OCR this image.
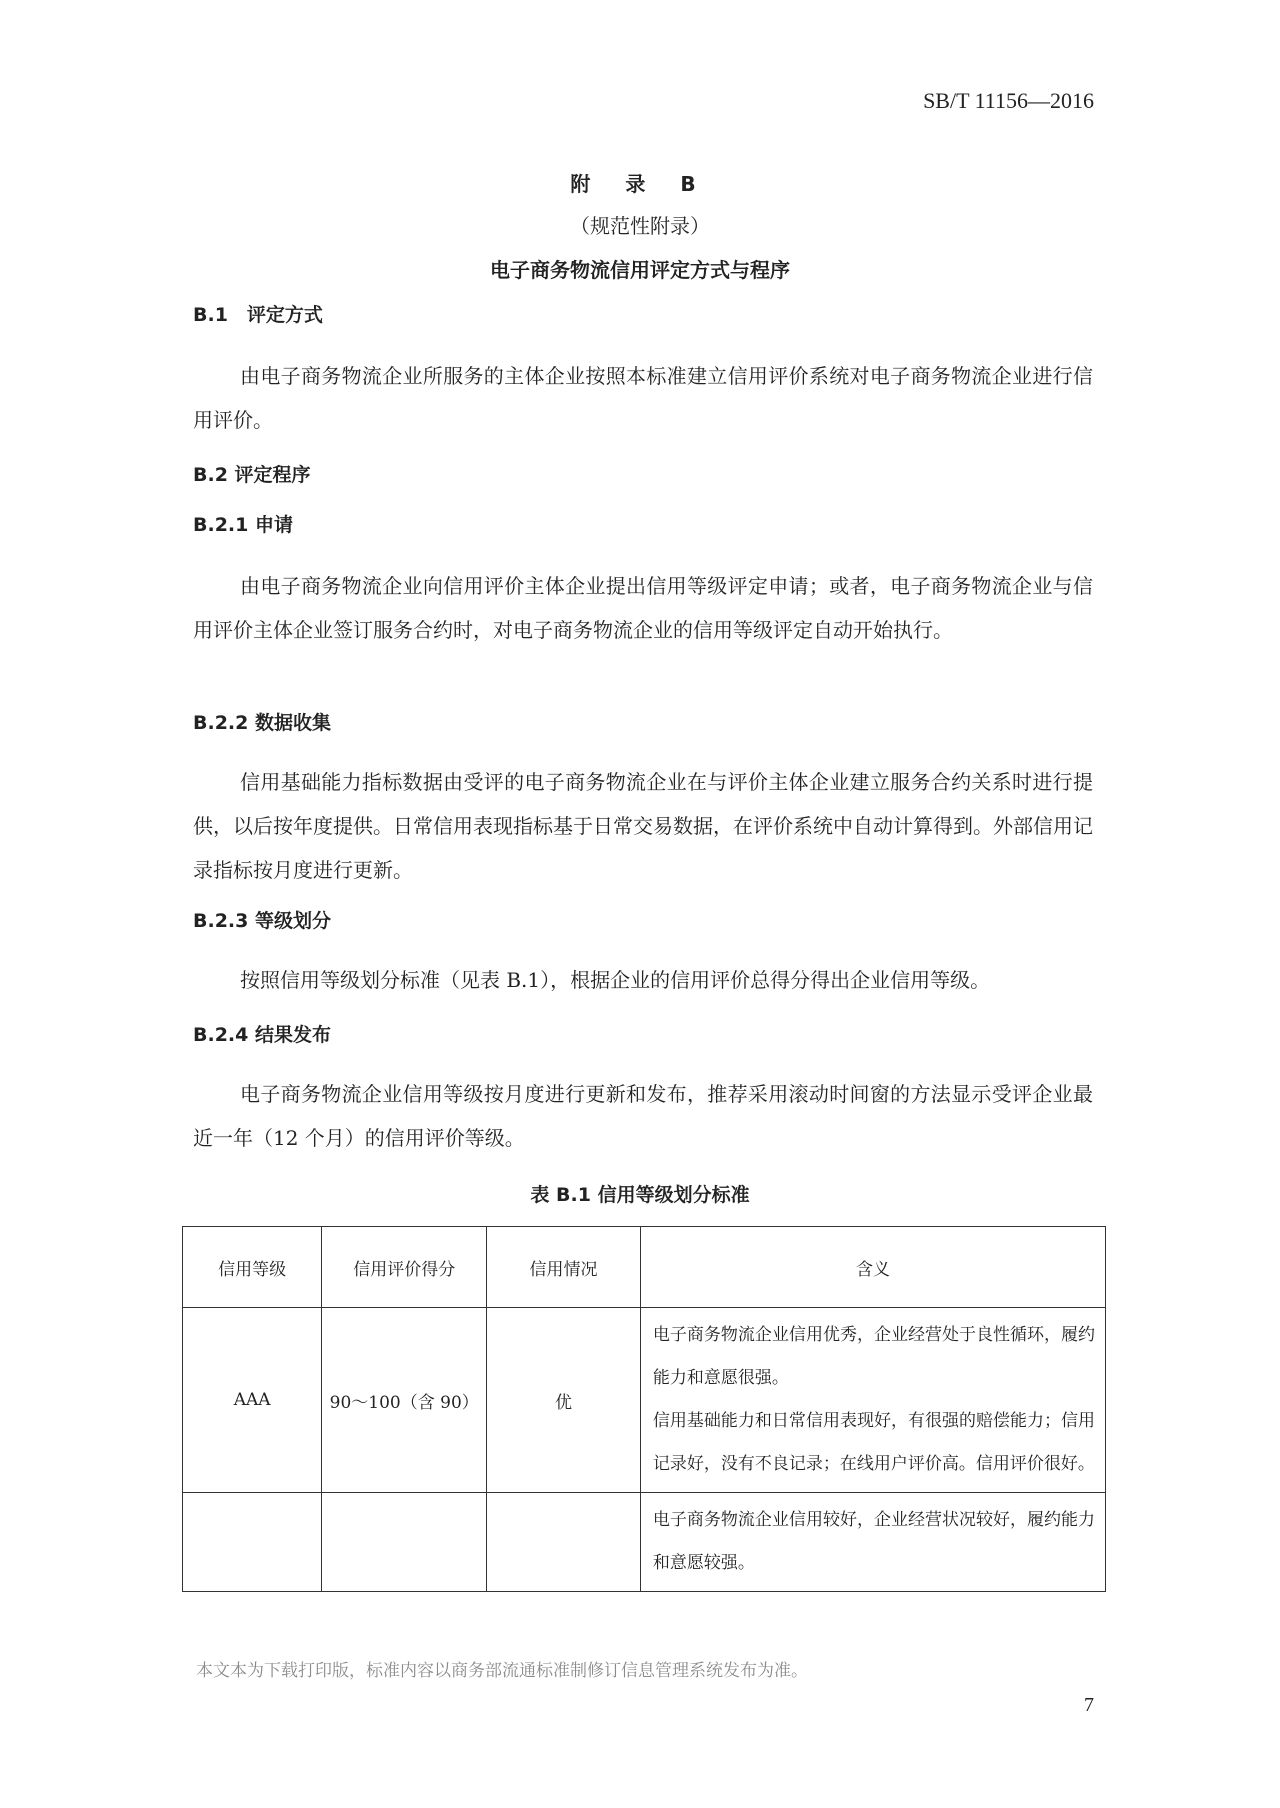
SB/T 11156—2016
附 录 B
（规范性附录）
电子商务物流信用评定方式与程序
B.1　评定方式
由电子商务物流企业所服务的主体企业按照本标准建立信用评价系统对电子商务物流企业进行信用评价。
B.2 评定程序
B.2.1 申请
由电子商务物流企业向信用评价主体企业提出信用等级评定申请；或者，电子商务物流企业与信用评价主体企业签订服务合约时，对电子商务物流企业的信用等级评定自动开始执行。
B.2.2 数据收集
信用基础能力指标数据由受评的电子商务物流企业在与评价主体企业建立服务合约关系时进行提供，以后按年度提供。日常信用表现指标基于日常交易数据，在评价系统中自动计算得到。外部信用记录指标按月度进行更新。
B.2.3 等级划分
按照信用等级划分标准（见表 B.1），根据企业的信用评价总得分得出企业信用等级。
B.2.4 结果发布
电子商务物流企业信用等级按月度进行更新和发布，推荐采用滚动时间窗的方法显示受评企业最近一年（12 个月）的信用评价等级。
表 B.1 信用等级划分标准
信用等级	信用评价得分	信用情况	含义
AAA	90～100（含 90）	优	电子商务物流企业信用优秀，企业经营处于良性循环，履约能力和意愿很强。
信用基础能力和日常信用表现好，有很强的赔偿能力；信用记录好，没有不良记录；在线用户评价高。信用评价很好。

			电子商务物流企业信用较好，企业经营状况较好，履约能力和意愿较强。
本文本为下载打印版，标准内容以商务部流通标准制修订信息管理系统发布为准。
7
